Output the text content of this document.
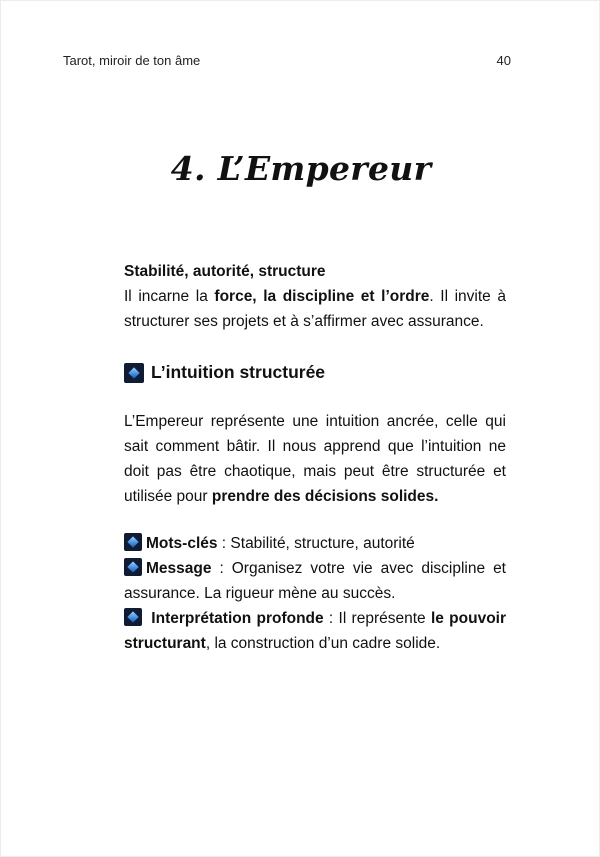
Tarot, miroir de ton âme	40
4. L’Empereur

Stabilité, autorité, structure

Il incarne la force, la discipline et l’ordre. Il invite à structurer ses projets et à s’affirmer avec assurance.

L’intuition structurée

L’Empereur représente une intuition ancrée, celle qui sait comment bâtir. Il nous apprend que l’intuition ne doit pas être chaotique, mais peut être structurée et utilisée pour prendre des décisions solides.

Mots-clés : Stabilité, structure, autorité

Message : Organisez votre vie avec discipline et assurance. La rigueur mène au succès.

Interprétation profonde : Il représente le pouvoir structurant, la construction d’un cadre solide.
